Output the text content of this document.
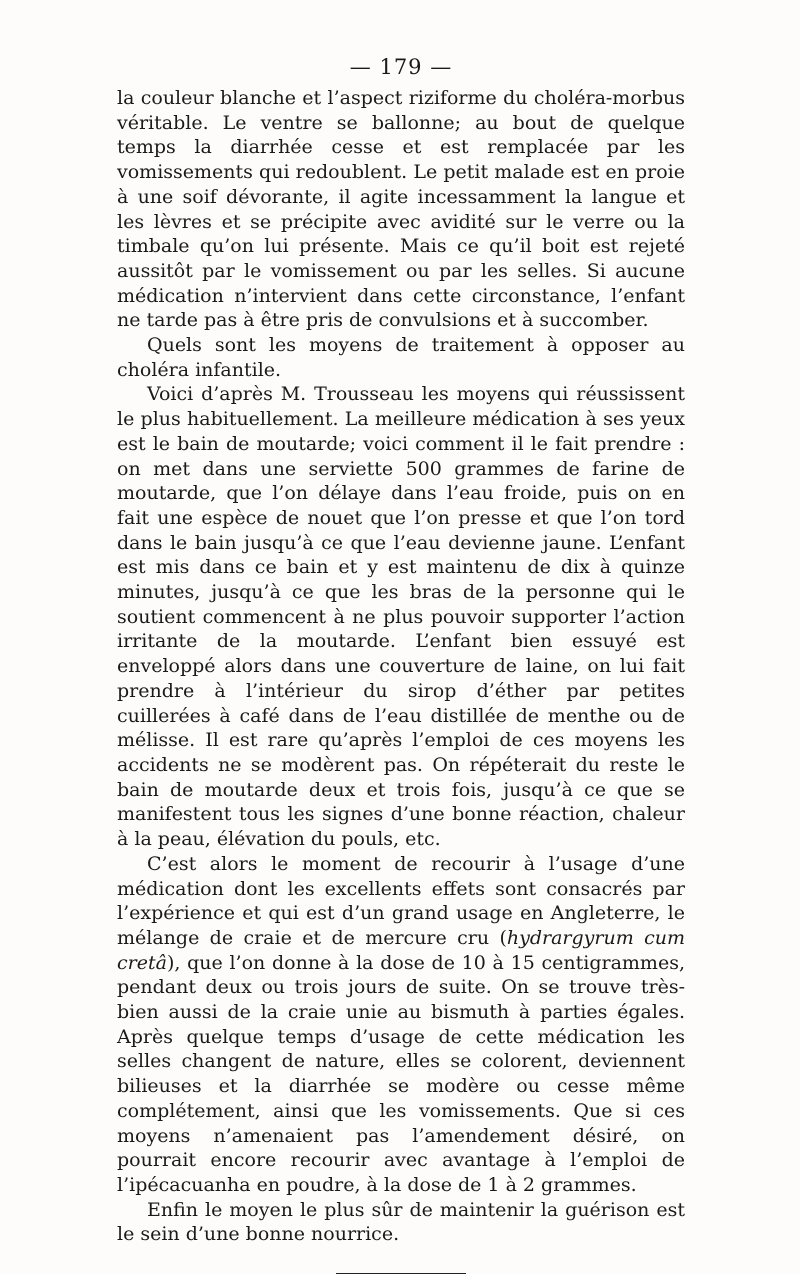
— 179 —

la couleur blanche et l’aspect riziforme du choléra-morbus véritable. Le ventre se ballonne; au bout de quelque temps la diarrhée cesse et est remplacée par les vomissements qui redoublent. Le petit malade est en proie à une soif dévorante, il agite incessamment la langue et les lèvres et se précipite avec avidité sur le verre ou la timbale qu’on lui présente. Mais ce qu’il boit est rejeté aussitôt par le vomissement ou par les selles. Si aucune médication n’intervient dans cette circonstance, l’enfant ne tarde pas à être pris de convulsions et à succomber.

Quels sont les moyens de traitement à opposer au choléra infantile.

Voici d’après M. Trousseau les moyens qui réussissent le plus habituellement. La meilleure médication à ses yeux est le bain de moutarde; voici comment il le fait prendre : on met dans une serviette 500 grammes de farine de moutarde, que l’on délaye dans l’eau froide, puis on en fait une espèce de nouet que l’on presse et que l’on tord dans le bain jusqu’à ce que l’eau devienne jaune. L’enfant est mis dans ce bain et y est maintenu de dix à quinze minutes, jusqu’à ce que les bras de la personne qui le soutient commencent à ne plus pouvoir supporter l’action irritante de la moutarde. L’enfant bien essuyé est enveloppé alors dans une couverture de laine, on lui fait prendre à l’intérieur du sirop d’éther par petites cuillerées à café dans de l’eau distillée de menthe ou de mélisse. Il est rare qu’après l’emploi de ces moyens les accidents ne se modèrent pas. On répéterait du reste le bain de moutarde deux et trois fois, jusqu’à ce que se manifestent tous les signes d’une bonne réaction, chaleur à la peau, élévation du pouls, etc.

C’est alors le moment de recourir à l’usage d’une médication dont les excellents effets sont consacrés par l’expérience et qui est d’un grand usage en Angleterre, le mélange de craie et de mercure cru (hydrargyrum cum cretâ), que l’on donne à la dose de 10 à 15 centigrammes, pendant deux ou trois jours de suite. On se trouve très-bien aussi de la craie unie au bismuth à parties égales. Après quelque temps d’usage de cette médication les selles changent de nature, elles se colorent, deviennent bilieuses et la diarrhée se modère ou cesse même complétement, ainsi que les vomissements. Que si ces moyens n’amenaient pas l’amendement désiré, on pourrait encore recourir avec avantage à l’emploi de l’ipécacuanha en poudre, à la dose de 1 à 2 grammes.

Enfin le moyen le plus sûr de maintenir la guérison est le sein d’une bonne nourrice.
